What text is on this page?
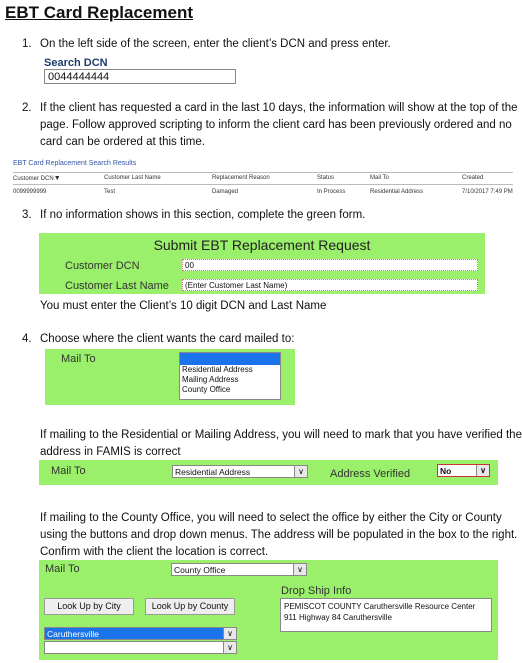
EBT Card Replacement
1. On the left side of the screen, enter the client’s DCN and press enter.
Search DCN
0044444444
2. If the client has requested a card in the last 10 days, the information will show at the top of the
page. Follow approved scripting to inform the client card has been previously ordered and no
card can be ordered at this time.
EBT Card Replacement Search Results
Customer DCN▼	Customer Last Name	Replacement Reason	Status	Mail To	Created
0099999999	Test	Damaged	In Process	Residential Address	7/10/2017 7:49 PM
3. If no information shows in this section, complete the green form.
Submit EBT Replacement Request
Customer DCN	00
Customer Last Name	(Enter Customer Last Name)
You must enter the Client’s 10 digit DCN and Last Name
4. Choose where the client wants the card mailed to:
Mail To
Residential Address
Mailing Address
County Office
If mailing to the Residential or Mailing Address, you will need to mark that you have verified the
address in FAMIS is correct
Mail To	Residential Address	∨ Address Verified	No	∨
If mailing to the County Office, you will need to select the office by either the City or County
using the buttons and drop down menus. The address will be populated in the box to the right.
Confirm with the client the location is correct.
Mail To	County Office	∨
Drop Ship Info
Look Up by City	Look Up by County	PEMISCOT COUNTY Caruthersville Resource Center
911 Highway 84 Caruthersville
Caruthersville	∨
∨
